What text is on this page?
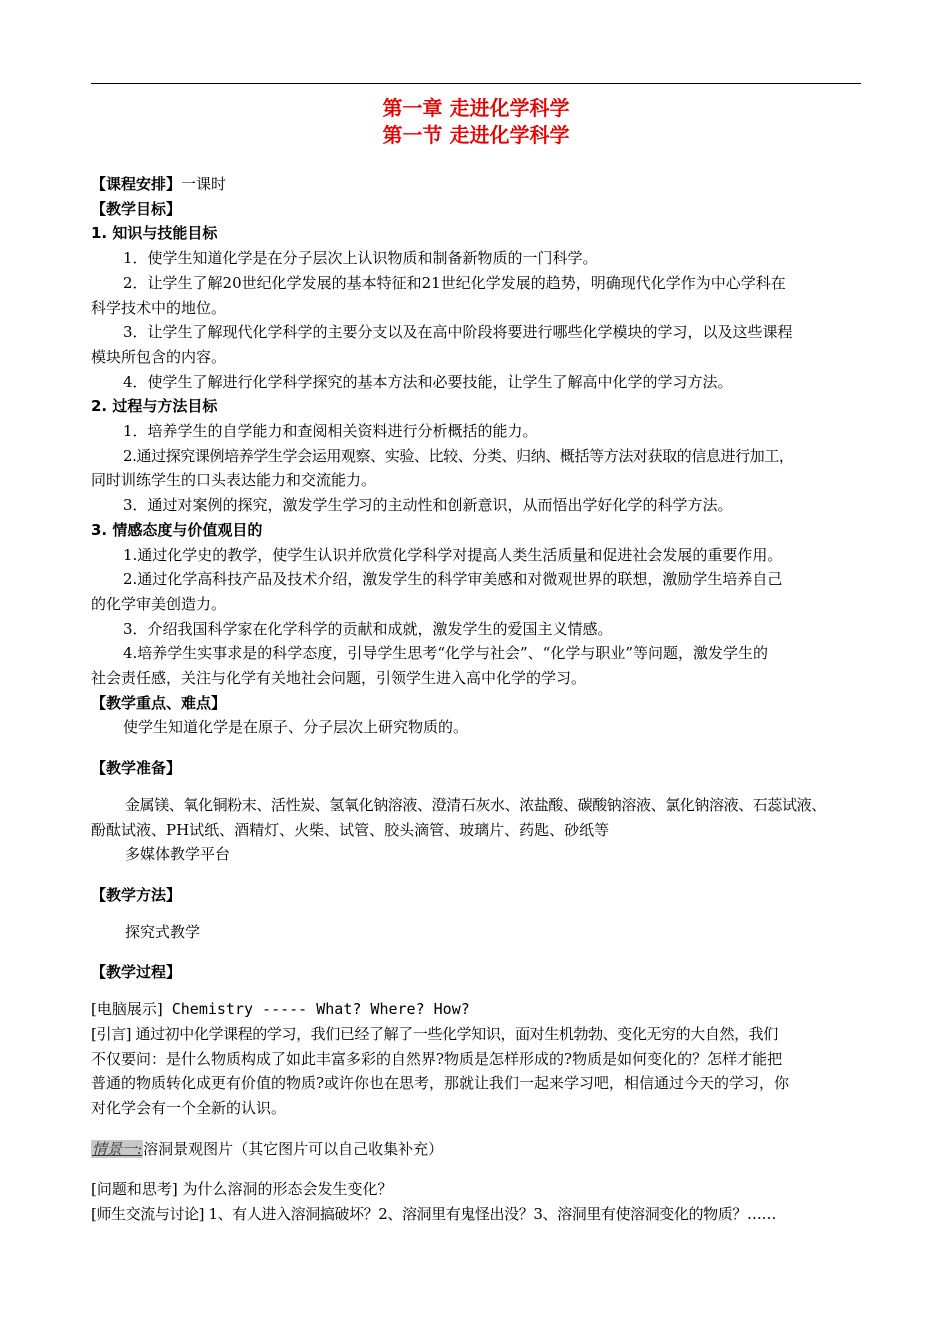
第一章 走进化学科学
第一节 走进化学科学
【课程安排】一课时
【教学目标】
1. 知识与技能目标
1．使学生知道化学是在分子层次上认识物质和制备新物质的一门科学。
2．让学生了解20世纪化学发展的基本特征和21世纪化学发展的趋势，明确现代化学作为中心学科在
科学技术中的地位。
3．让学生了解现代化学科学的主要分支以及在高中阶段将要进行哪些化学模块的学习，以及这些课程
模块所包含的内容。
4．使学生了解进行化学科学探究的基本方法和必要技能，让学生了解高中化学的学习方法。
2. 过程与方法目标
1．培养学生的自学能力和查阅相关资料进行分析概括的能力。
2.通过探究课例培养学生学会运用观察、实验、比较、分类、归纳、概括等方法对获取的信息进行加工，
同时训练学生的口头表达能力和交流能力。
3．通过对案例的探究，激发学生学习的主动性和创新意识，从而悟出学好化学的科学方法。
3. 情感态度与价值观目的
1.通过化学史的教学，使学生认识并欣赏化学科学对提高人类生活质量和促进社会发展的重要作用。
2.通过化学高科技产品及技术介绍，激发学生的科学审美感和对微观世界的联想，激励学生培养自己
的化学审美创造力。
3．介绍我国科学家在化学科学的贡献和成就，激发学生的爱国主义情感。
4.培养学生实事求是的科学态度，引导学生思考“化学与社会”、“化学与职业”等问题，激发学生的
社会责任感，关注与化学有关地社会问题，引领学生进入高中化学的学习。
【教学重点、难点】
使学生知道化学是在原子、分子层次上研究物质的。
【教学准备】
金属镁、氧化铜粉末、活性炭、氢氧化钠溶液、澄清石灰水、浓盐酸、碳酸钠溶液、氯化钠溶液、石蕊试液、
酚酞试液、PH试纸、酒精灯、火柴、试管、胶头滴管、玻璃片、药匙、砂纸等
多媒体教学平台
【教学方法】
探究式教学
【教学过程】
[电脑展示] Chemistry ----- What? Where? How?
[引言] 通过初中化学课程的学习，我们已经了解了一些化学知识，面对生机勃勃、变化无穷的大自然，我们
不仅要问：是什么物质构成了如此丰富多彩的自然界?物质是怎样形成的?物质是如何变化的？怎样才能把
普通的物质转化成更有价值的物质?或许你也在思考，那就让我们一起来学习吧，相信通过今天的学习，你
对化学会有一个全新的认识。
情景一:溶洞景观图片（其它图片可以自己收集补充）
[问题和思考] 为什么溶洞的形态会发生变化？
[师生交流与讨论] 1、有人进入溶洞搞破坏？2、溶洞里有鬼怪出没？3、溶洞里有使溶洞变化的物质？……
